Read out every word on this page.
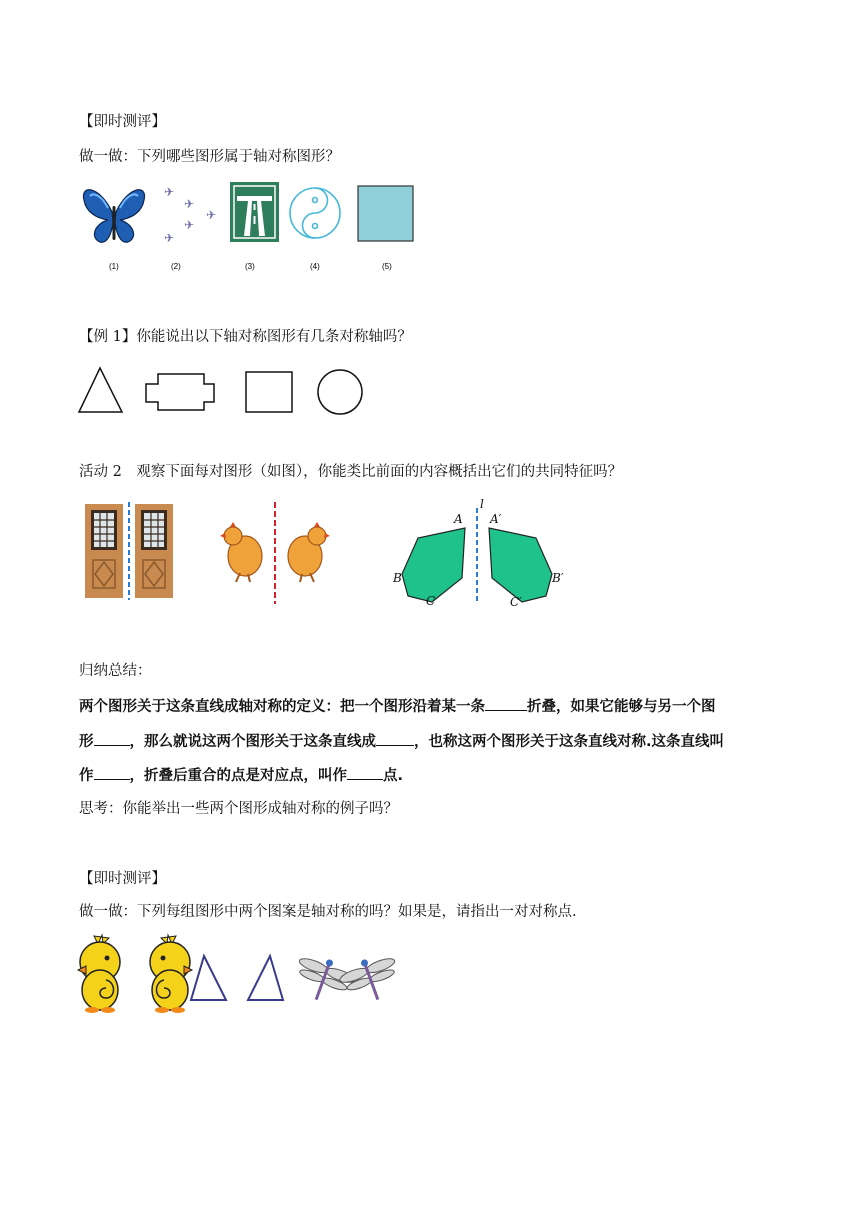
【即时测评】
做一做：下列哪些图形属于轴对称图形？
✈
✈
✈
✈
✈
(1)	(2)	(3)	(4)	(5)
【例 1】你能说出以下轴对称图形有几条对称轴吗？
活动 2　观察下面每对图形（如图），你能类比前面的内容概括出它们的共同特征吗？
l
A A′
B	B′
C	C′
归纳总结：
两个图形关于这条直线成轴对称的定义：把一个图形沿着某一条	折叠，如果它能够与另一个图
形 ，那么就说这两个图形关于这条直线成	，也称这两个图形关于这条直线对称.这条直线叫
作 ，折叠后重合的点是对应点，叫作 点.
思考：你能举出一些两个图形成轴对称的例子吗？
【即时测评】
做一做：下列每组图形中两个图案是轴对称的吗？如果是，请指出一对对称点.
